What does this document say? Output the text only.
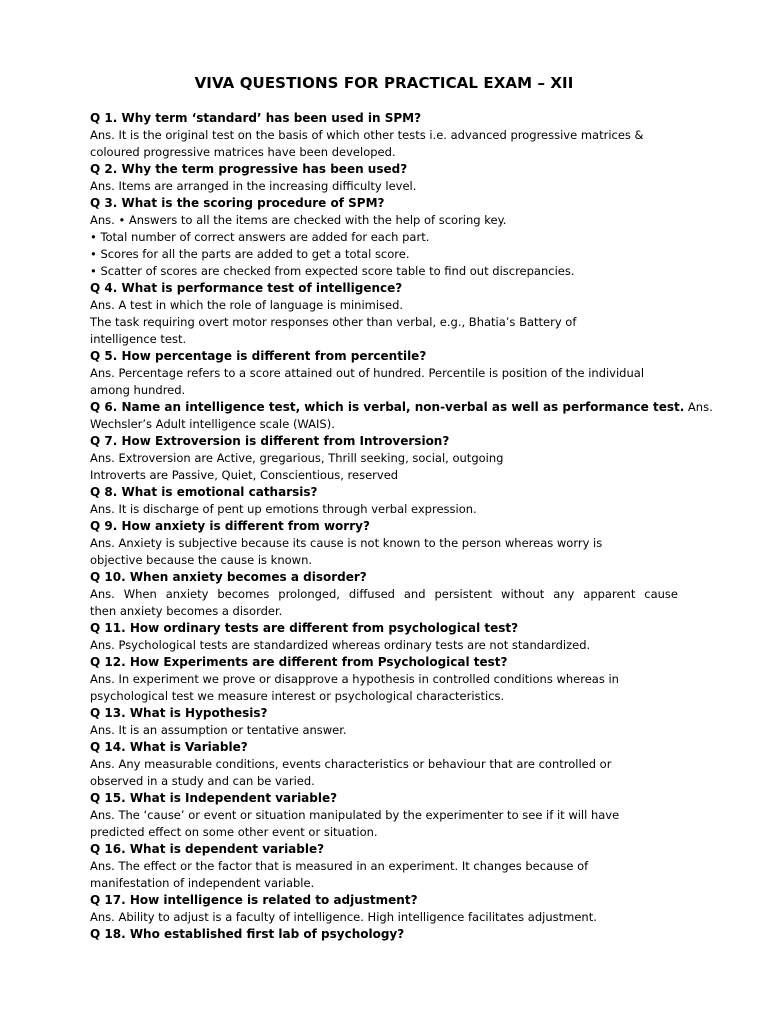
VIVA QUESTIONS FOR PRACTICAL EXAM – XII
Q 1. Why term ‘standard’ has been used in SPM?
Ans. It is the original test on the basis of which other tests i.e. advanced progressive matrices &
coloured progressive matrices have been developed.
Q 2. Why the term progressive has been used?
Ans. Items are arranged in the increasing difficulty level.
Q 3. What is the scoring procedure of SPM?
Ans. • Answers to all the items are checked with the help of scoring key.
• Total number of correct answers are added for each part.
• Scores for all the parts are added to get a total score.
• Scatter of scores are checked from expected score table to find out discrepancies.
Q 4. What is performance test of intelligence?
Ans. A test in which the role of language is minimised.
The task requiring overt motor responses other than verbal, e.g., Bhatia’s Battery of
intelligence test.
Q 5. How percentage is different from percentile?
Ans. Percentage refers to a score attained out of hundred. Percentile is position of the individual
among hundred.
Q 6. Name an intelligence test, which is verbal, non-verbal as well as performance test. Ans.
Wechsler’s Adult intelligence scale (WAIS).
Q 7. How Extroversion is different from Introversion?
Ans. Extroversion are Active, gregarious, Thrill seeking, social, outgoing
Introverts are Passive, Quiet, Conscientious, reserved
Q 8. What is emotional catharsis?
Ans. It is discharge of pent up emotions through verbal expression.
Q 9. How anxiety is different from worry?
Ans. Anxiety is subjective because its cause is not known to the person whereas worry is
objective because the cause is known.
Q 10. When anxiety becomes a disorder?
Ans. When anxiety becomes prolonged, diffused and persistent without any apparent cause
then anxiety becomes a disorder.
Q 11. How ordinary tests are different from psychological test?
Ans. Psychological tests are standardized whereas ordinary tests are not standardized.
Q 12. How Experiments are different from Psychological test?
Ans. In experiment we prove or disapprove a hypothesis in controlled conditions whereas in
psychological test we measure interest or psychological characteristics.
Q 13. What is Hypothesis?
Ans. It is an assumption or tentative answer.
Q 14. What is Variable?
Ans. Any measurable conditions, events characteristics or behaviour that are controlled or
observed in a study and can be varied.
Q 15. What is Independent variable?
Ans. The ‘cause’ or event or situation manipulated by the experimenter to see if it will have
predicted effect on some other event or situation.
Q 16. What is dependent variable?
Ans. The effect or the factor that is measured in an experiment. It changes because of
manifestation of independent variable.
Q 17. How intelligence is related to adjustment?
Ans. Ability to adjust is a faculty of intelligence. High intelligence facilitates adjustment.
Q 18. Who established first lab of psychology?
